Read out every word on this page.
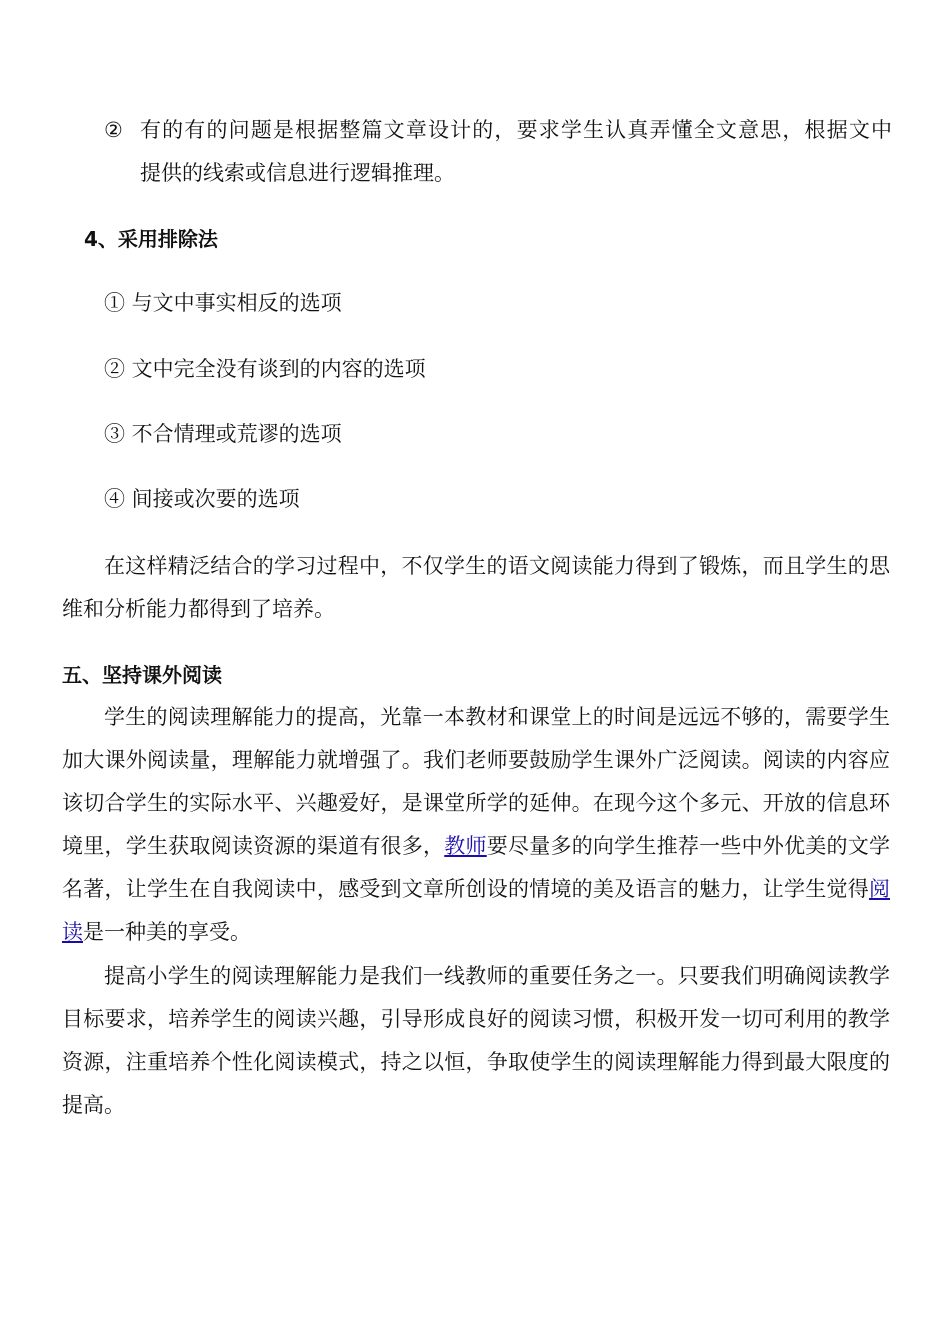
② 有的有的问题是根据整篇文章设计的，要求学生认真弄懂全文意思，根据文中
提供的线索或信息进行逻辑推理。
4、采用排除法
① 与文中事实相反的选项
② 文中完全没有谈到的内容的选项
③ 不合情理或荒谬的选项
④ 间接或次要的选项

在这样精泛结合的学习过程中，不仅学生的语文阅读能力得到了锻炼，而且学生的思维和分析能力都得到了培养。

五、坚持课外阅读

学生的阅读理解能力的提高，光靠一本教材和课堂上的时间是远远不够的，需要学生加大课外阅读量，理解能力就增强了。我们老师要鼓励学生课外广泛阅读。阅读的内容应该切合学生的实际水平、兴趣爱好，是课堂所学的延伸。在现今这个多元、开放的信息环境里，学生获取阅读资源的渠道有很多，教师要尽量多的向学生推荐一些中外优美的文学名著，让学生在自我阅读中，感受到文章所创设的情境的美及语言的魅力，让学生觉得阅读是一种美的享受。

提高小学生的阅读理解能力是我们一线教师的重要任务之一。只要我们明确阅读教学目标要求，培养学生的阅读兴趣，引导形成良好的阅读习惯，积极开发一切可利用的教学资源，注重培养个性化阅读模式，持之以恒，争取使学生的阅读理解能力得到最大限度的提高。
